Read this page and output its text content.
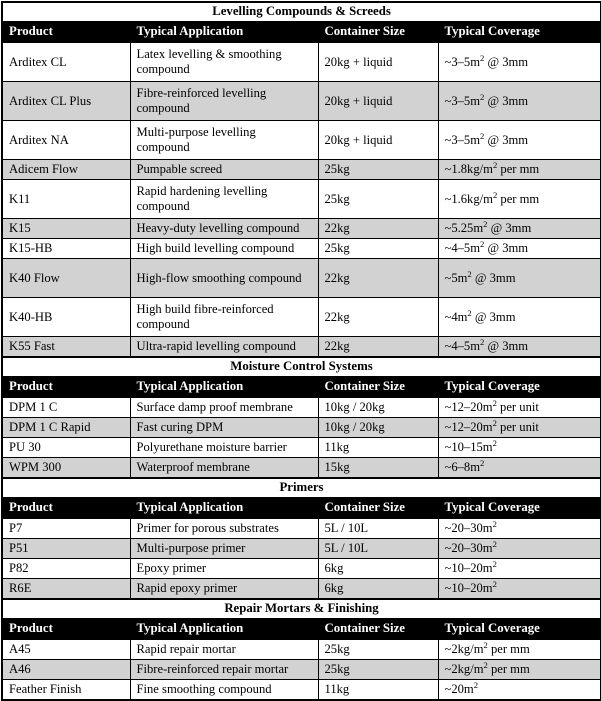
Levelling Compounds & Screeds			
Product	Typical Application	Container Size	Typical Coverage
Arditex CL	Latex levelling & smoothing compound	20kg + liquid	$\sim 3-5m^2$ @ 3mm
Arditex CL Plus	Fibre-reinforced levelling compound	20kg + liquid	$\sim 3-5m^2$ @ 3mm
Arditex NA	Multi-purpose levelling compound	20kg + liquid	$\sim 3-5m^2$ @ 3mm
Adicem Flow	Pumpable screed	25kg	$\sim 1.8kg/m^2$ per mm
K11	Rapid hardening levelling compound	25kg	$\sim 1.6kg/m^2$ per mm
K15	Heavy-duty levelling compound	22kg	$\sim 5.25m^2$ @ 3mm
K15-HB	High build levelling compound	25kg	$\sim 4-5m^2$ @ 3mm
K40 Flow	High-flow smoothing compound	22kg	$\sim 5m^2$ @ 3mm
K40-HB	High build fibre-reinforced compound	22kg	$\sim 4m^2$ @ 3mm
K55 Fast	Ultra-rapid levelling compound	22kg	$\sim 4-5m^2$ @ 3mm
Moisture Control Systems			
Product	Typical Application	Container Size	Typical Coverage
DPM 1 C	Surface damp proof membrane	10kg / 20kg	$\sim 12-20m^2$ per unit
DPM 1 C Rapid	Fast curing DPM	10kg / 20kg	$\sim 12-20m^2$ per unit
PU 30	Polyurethane moisture barrier	11kg	$\sim 10-15m^2$
WPM 300	Waterproof membrane	15kg	$\sim 6-8m^2$
Primers			
Product	Typical Application	Container Size	Typical Coverage
P7	Primer for porous substrates	5L / 10L	$\sim 20-30m^2$
P51	Multi-purpose primer	5L / 10L	$\sim 20-30m^2$
P82	Epoxy primer	6kg	$\sim 10-20m^2$
R6E	Rapid epoxy primer	6kg	$\sim 10-20m^2$
Repair Mortars & Finishing			
Product	Typical Application	Container Size	Typical Coverage
A45	Rapid repair mortar	25kg	$\sim 2kg/m^2$ per mm
A46	Fibre-reinforced repair mortar	25kg	$\sim 2kg/m^2$ per mm
Feather Finish	Fine smoothing compound	11kg	$\sim 20m^2$
